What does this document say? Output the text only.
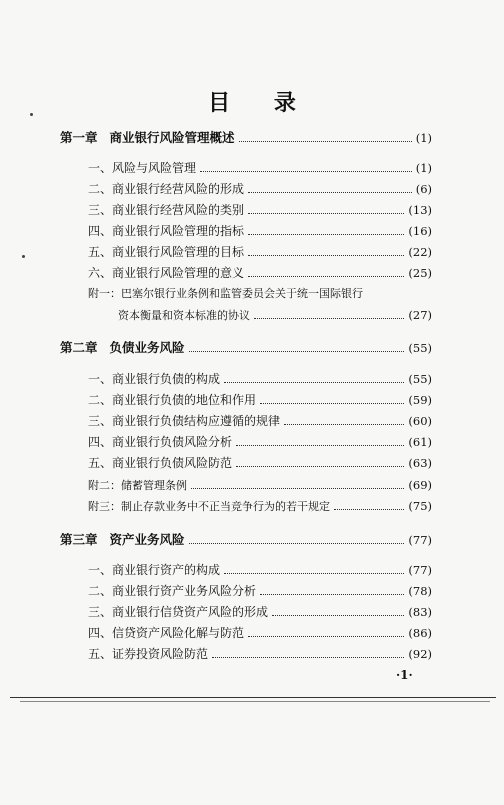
目 录
第一章 商业银行风险管理概述	(1)
一、风险与风险管理	(1)
二、商业银行经营风险的形成	(6)
三、商业银行经营风险的类别	(13)
四、商业银行风险管理的指标	(16)
五、商业银行风险管理的目标	(22)
六、商业银行风险管理的意义	(25)
附一：巴塞尔银行业条例和监管委员会关于统一国际银行
资本衡量和资本标准的协议	(27)
第二章 负债业务风险	(55)
一、商业银行负债的构成	(55)
二、商业银行负债的地位和作用	(59)
三、商业银行负债结构应遵循的规律	(60)
四、商业银行负债风险分析	(61)
五、商业银行负债风险防范	(63)
附二：储蓄管理条例	(69)
附三：制止存款业务中不正当竞争行为的若干规定	(75)
第三章 资产业务风险	(77)
一、商业银行资产的构成	(77)
二、商业银行资产业务风险分析	(78)
三、商业银行信贷资产风险的形成	(83)
四、信贷资产风险化解与防范	(86)
五、证券投资风险防范	(92)
·1·
